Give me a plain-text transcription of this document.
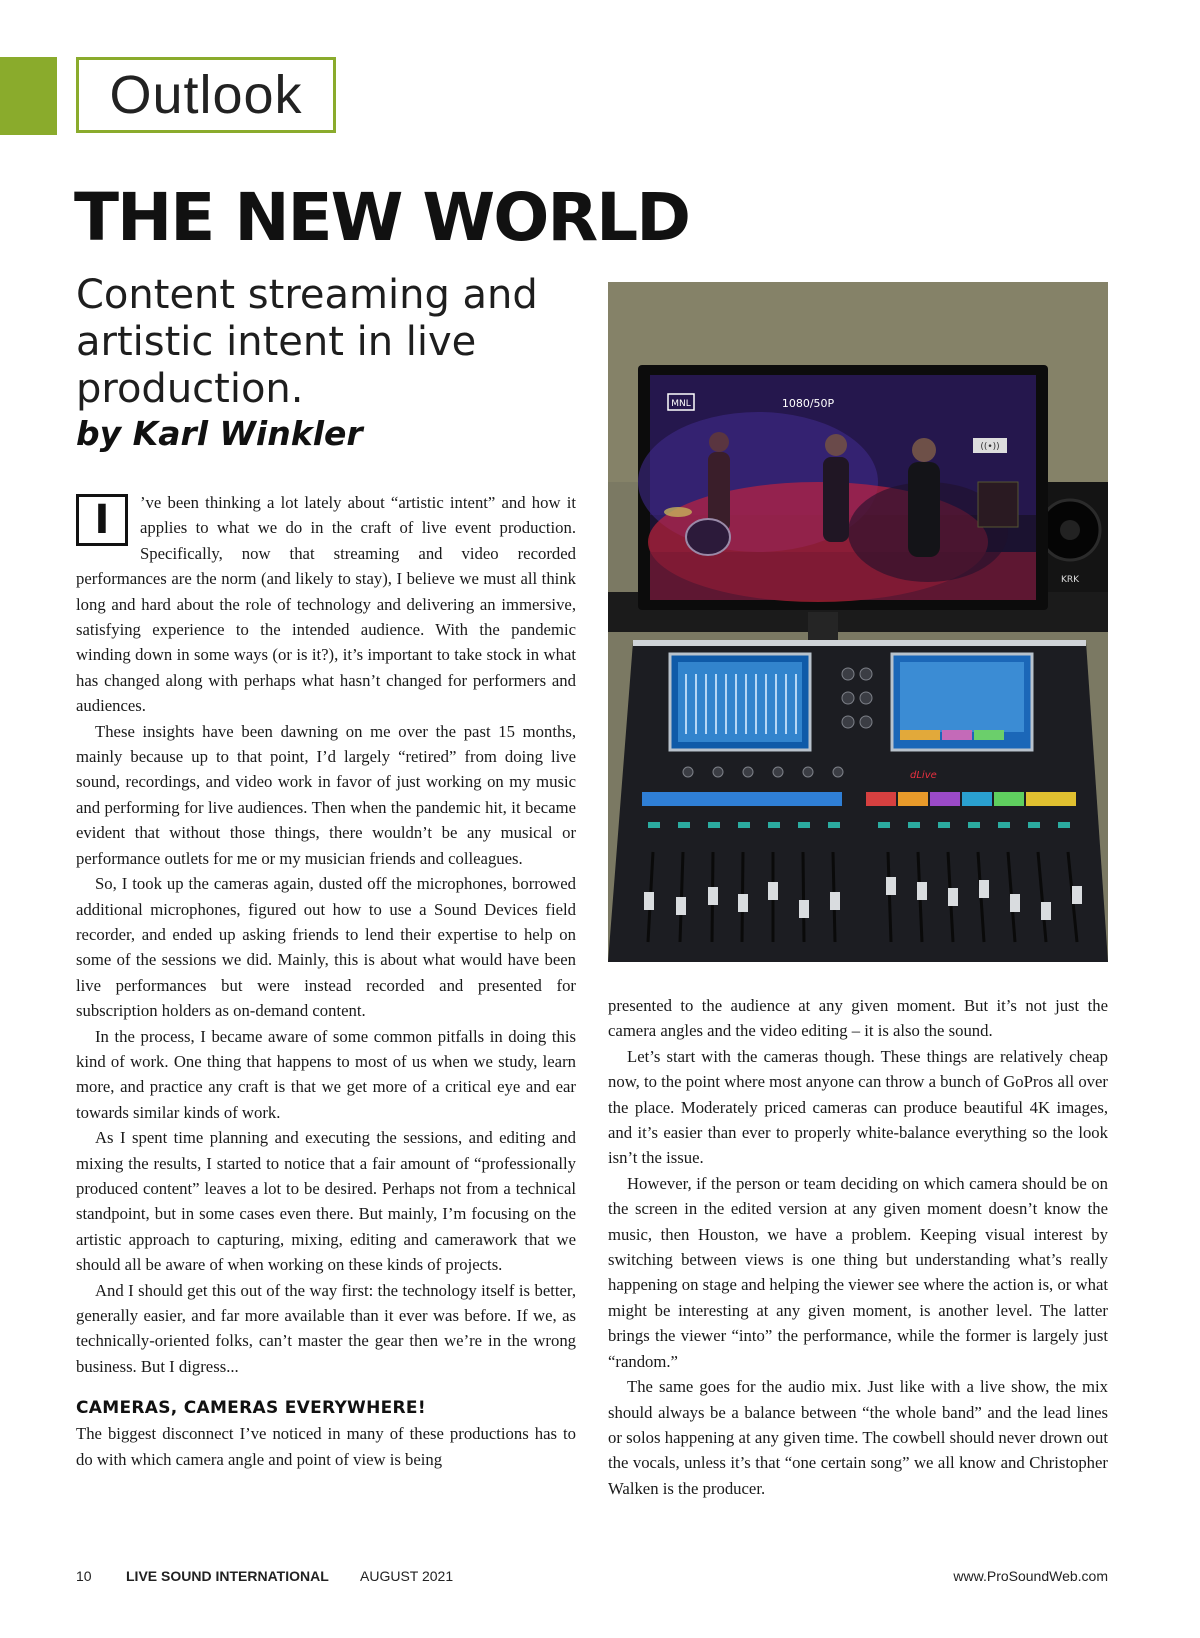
Outlook
THE NEW WORLD
Content streaming and artistic intent in live production.
by Karl Winkler
KRK
MNL	1080/50P
((•))
dLive

I	’ve been thinking a lot lately about “artistic intent” and how it applies to what we do in the craft of live event production. Specifically, now that streaming and video recorded performances are the norm (and likely to stay), I believe we must all think long and hard about the role of technology and delivering an immersive, satisfying experience to the intended audience. With the pandemic winding down in some ways (or is it?), it’s important to take stock in what has changed along with perhaps what hasn’t changed for performers and audiences.

These insights have been dawning on me over the past 15 months, mainly because up to that point, I’d largely “retired” from doing live sound, recordings, and video work in favor of just working on my music and performing for live audiences. Then when the pandemic hit, it became evident that without those things, there wouldn’t be any musical or performance outlets for me or my musician friends and colleagues.

So, I took up the cameras again, dusted off the microphones, borrowed additional microphones, figured out how to use a Sound Devices field recorder, and ended up asking friends to lend their expertise to help on some of the sessions we did. Mainly, this is about what would have been live performances but were instead recorded and presented for subscription holders as on-demand content.

In the process, I became aware of some common pitfalls in doing this kind of work. One thing that happens to most of us when we study, learn more, and practice any craft is that we get more of a critical eye and ear towards similar kinds of work.

As I spent time planning and executing the sessions, and editing and mixing the results, I started to notice that a fair amount of “professionally produced content” leaves a lot to be desired. Perhaps not from a technical standpoint, but in some cases even there. But mainly, I’m focusing on the artistic approach to capturing, mixing, editing and camerawork that we should all be aware of when working on these kinds of projects.

And I should get this out of the way first: the technology itself is better, generally easier, and far more available than it ever was before. If we, as technically-oriented folks, can’t master the gear then we’re in the wrong business. But I digress...

CAMERAS, CAMERAS EVERYWHERE!

The biggest disconnect I’ve noticed in many of these productions has to do with which camera angle and point of view is being

presented to the audience at any given moment. But it’s not just the camera angles and the video editing – it is also the sound.

Let’s start with the cameras though. These things are relatively cheap now, to the point where most anyone can throw a bunch of GoPros all over the place. Moderately priced cameras can produce beautiful 4K images, and it’s easier than ever to properly white-balance everything so the look isn’t the issue.

However, if the person or team deciding on which camera should be on the screen in the edited version at any given moment doesn’t know the music, then Houston, we have a problem. Keeping visual interest by switching between views is one thing but understanding what’s really happening on stage and helping the viewer see where the action is, or what might be interesting at any given moment, is another level. The latter brings the viewer “into” the performance, while the former is largely just “random.”

The same goes for the audio mix. Just like with a live show, the mix should always be a balance between “the whole band” and the lead lines or solos happening at any given time. The cowbell should never drown out the vocals, unless it’s that “one certain song” we all know and Christopher Walken is the producer.

10 LIVE SOUND INTERNATIONAL AUGUST 2021	www.ProSoundWeb.com
